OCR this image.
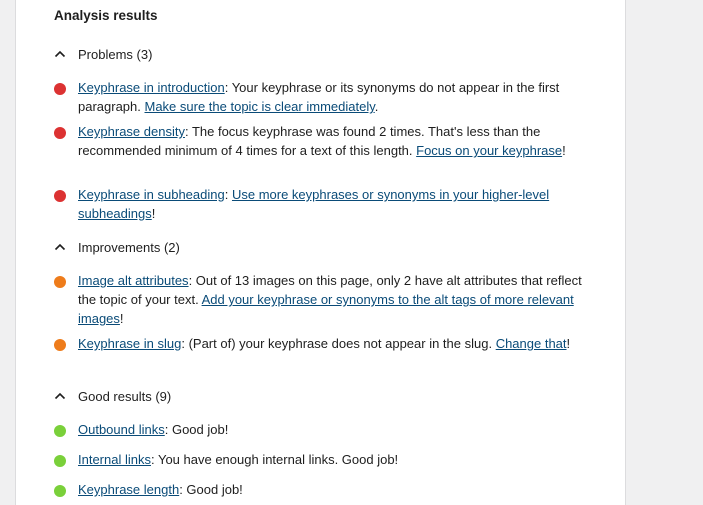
Analysis results
Problems (3)
Keyphrase in introduction: Your keyphrase or its synonyms do not appear in the first paragraph. Make sure the topic is clear immediately.
Keyphrase density: The focus keyphrase was found 2 times. That's less than the recommended minimum of 4 times for a text of this length. Focus on your keyphrase!
Keyphrase in subheading: Use more keyphrases or synonyms in your higher-level subheadings!
Improvements (2)
Image alt attributes: Out of 13 images on this page, only 2 have alt attributes that reflect the topic of your text. Add your keyphrase or synonyms to the alt tags of more relevant images!
Keyphrase in slug: (Part of) your keyphrase does not appear in the slug. Change that!
Good results (9)
Outbound links: Good job!
Internal links: You have enough internal links. Good job!
Keyphrase length: Good job!
